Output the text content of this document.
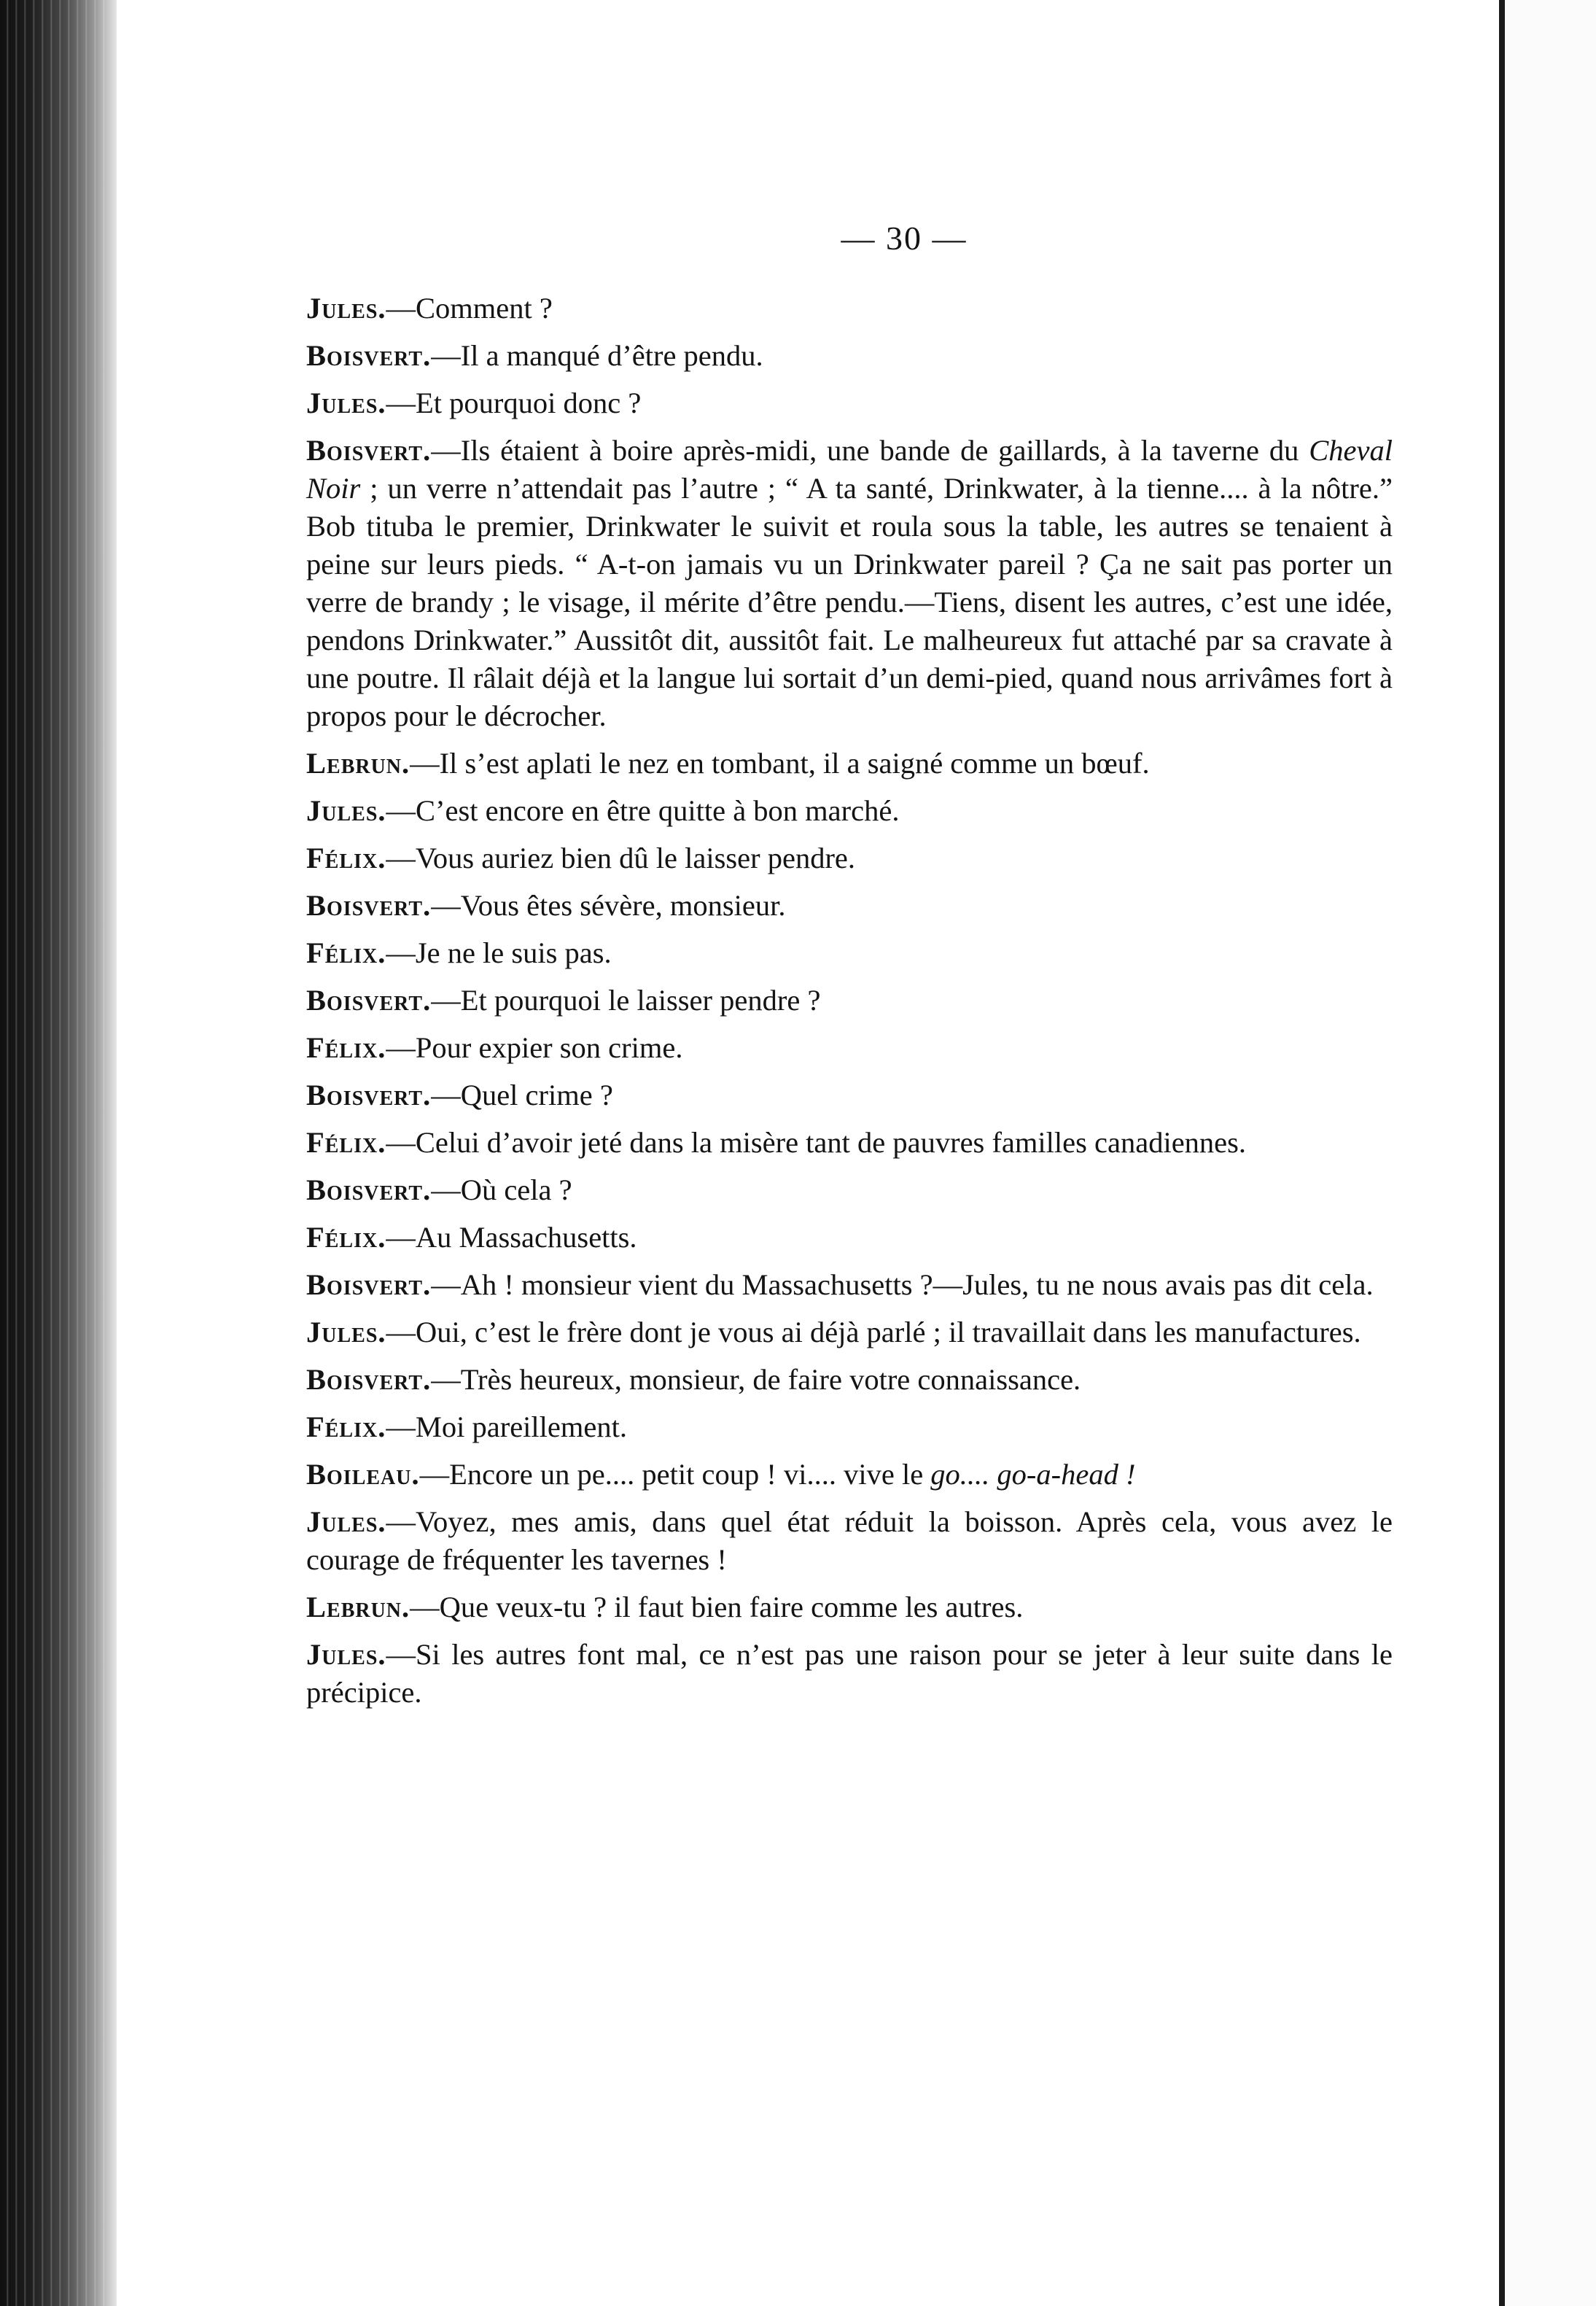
— 30 —

Jules.—Comment ?

Boisvert.—Il a manqué d’être pendu.

Jules.—Et pourquoi donc ?

Boisvert.—Ils étaient à boire après-midi, une bande de gaillards, à la taverne du Cheval Noir ; un verre n’attendait pas l’autre ; “ A ta santé, Drinkwater, à la tienne.... à la nôtre.” Bob titubа le premier, Drinkwater le suivit et roula sous la table, les autres se tenaient à peine sur leurs pieds. “ A-t-on jamais vu un Drinkwater pareil ? Ça ne sait pas porter un verre de brandy ; le visage, il mérite d’être pendu.—Tiens, disent les autres, c’est une idée, pendons Drinkwater.” Aussitôt dit, aussitôt fait. Le malheureux fut attaché par sa cravate à une poutre. Il râlait déjà et la langue lui sortait d’un demi-pied, quand nous arrivâmes fort à propos pour le décrocher.

Lebrun.—Il s’est aplati le nez en tombant, il a saigné comme un bœuf.

Jules.—C’est encore en être quitte à bon marché.

Félix.—Vous auriez bien dû le laisser pendre.

Boisvert.—Vous êtes sévère, monsieur.

Félix.—Je ne le suis pas.

Boisvert.—Et pourquoi le laisser pendre ?

Félix.—Pour expier son crime.

Boisvert.—Quel crime ?

Félix.—Celui d’avoir jeté dans la misère tant de pauvres familles canadiennes.

Boisvert.—Où cela ?

Félix.—Au Massachusetts.

Boisvert.—Ah ! monsieur vient du Massachusetts ?—Jules, tu ne nous avais pas dit cela.

Jules.—Oui, c’est le frère dont je vous ai déjà parlé ; il travaillait dans les manufactures.

Boisvert.—Très heureux, monsieur, de faire votre connaissance.

Félix.—Moi pareillement.

Boileau.—Encore un pe.... petit coup ! vi.... vive le go.... go-a-head !

Jules.—Voyez, mes amis, dans quel état réduit la boisson. Après cela, vous avez le courage de fréquenter les tavernes !

Lebrun.—Que veux-tu ? il faut bien faire comme les autres.

Jules.—Si les autres font mal, ce n’est pas une raison pour se jeter à leur suite dans le précipice.
